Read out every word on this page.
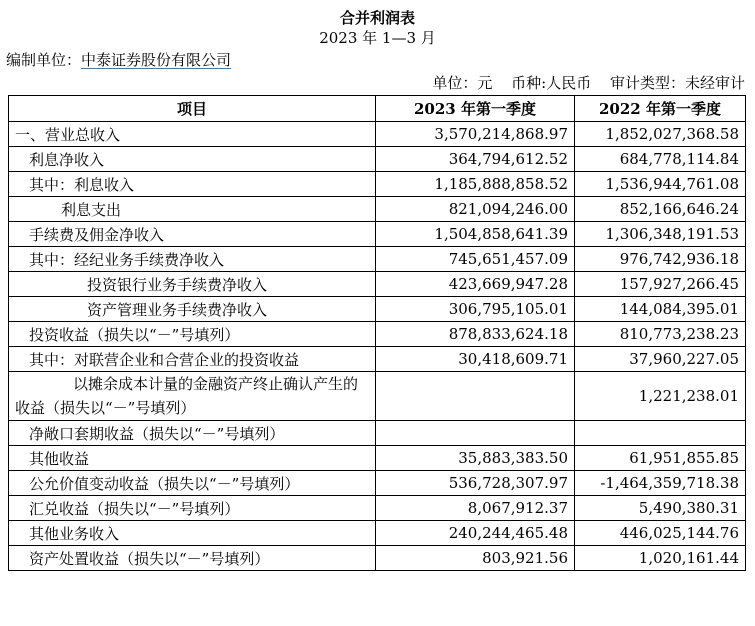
合并利润表
2023 年 1—3 月
编制单位：中泰证券股份有限公司
单位：元 币种:人民币 审计类型：未经审计
项目	2023 年第一季度	2022 年第一季度
一、营业总收入	3,570,214,868.97	1,852,027,368.58
利息净收入	364,794,612.52	684,778,114.84
其中：利息收入	1,185,888,858.52	1,536,944,761.08
利息支出	821,094,246.00	852,166,646.24
手续费及佣金净收入	1,504,858,641.39	1,306,348,191.53
其中：经纪业务手续费净收入	745,651,457.09	976,742,936.18
投资银行业务手续费净收入	423,669,947.28	157,927,266.45
资产管理业务手续费净收入	306,795,105.01	144,084,395.01
投资收益（损失以“－”号填列）	878,833,624.18	810,773,238.23
其中：对联营企业和合营企业的投资收益	30,418,609.71	37,960,227.05
以摊余成本计量的金融资产终止确认产生的收益（损失以“－”号填列）		1,221,238.01
净敞口套期收益（损失以“－”号填列）		
其他收益	35,883,383.50	61,951,855.85
公允价值变动收益（损失以“－”号填列）	536,728,307.97	-1,464,359,718.38
汇兑收益（损失以“－”号填列）	8,067,912.37	5,490,380.31
其他业务收入	240,244,465.48	446,025,144.76
资产处置收益（损失以“－”号填列）	803,921.56	1,020,161.44
